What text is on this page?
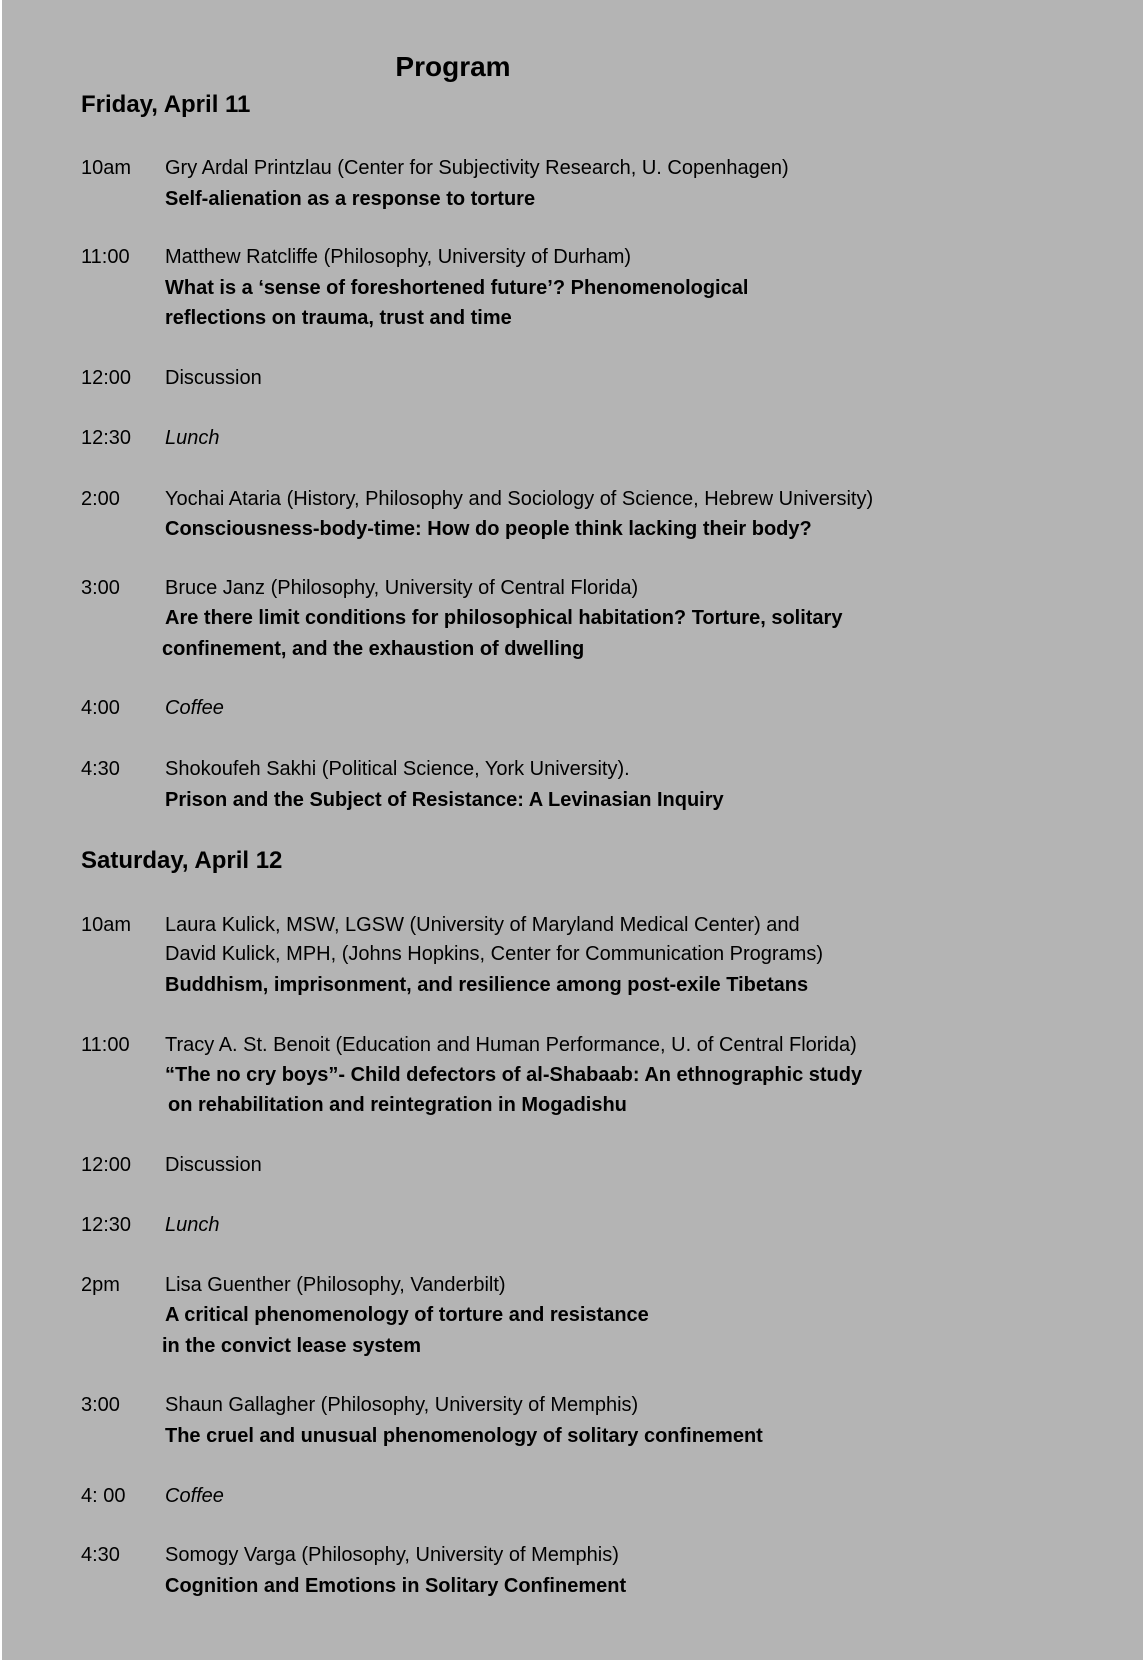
Program
Friday, April 11
10am Gry Ardal Printzlau (Center for Subjectivity Research, U. Copenhagen)
Self-alienation as a response to torture
11:00 Matthew Ratcliffe (Philosophy, University of Durham)
What is a ‘sense of foreshortened future’? Phenomenological
reflections on trauma, trust and time
12:00 Discussion
12:30 Lunch
2:00 Yochai Ataria (History, Philosophy and Sociology of Science, Hebrew University)
Consciousness-body-time: How do people think lacking their body?
3:00 Bruce Janz (Philosophy, University of Central Florida)
Are there limit conditions for philosophical habitation? Torture, solitary
confinement, and the exhaustion of dwelling
4:00 Coffee
4:30 Shokoufeh Sakhi (Political Science, York University).
Prison and the Subject of Resistance: A Levinasian Inquiry
Saturday, April 12
10am Laura Kulick, MSW, LGSW (University of Maryland Medical Center) and
David Kulick, MPH, (Johns Hopkins, Center for Communication Programs)
Buddhism, imprisonment, and resilience among post-exile Tibetans
11:00 Tracy A. St. Benoit (Education and Human Performance, U. of Central Florida)
“The no cry boys”- Child defectors of al-Shabaab: An ethnographic study
on rehabilitation and reintegration in Mogadishu
12:00 Discussion
12:30 Lunch
2pm Lisa Guenther (Philosophy, Vanderbilt)
A critical phenomenology of torture and resistance
in the convict lease system
3:00 Shaun Gallagher (Philosophy, University of Memphis)
The cruel and unusual phenomenology of solitary confinement
4: 00 Coffee
4:30 Somogy Varga (Philosophy, University of Memphis)
Cognition and Emotions in Solitary Confinement
